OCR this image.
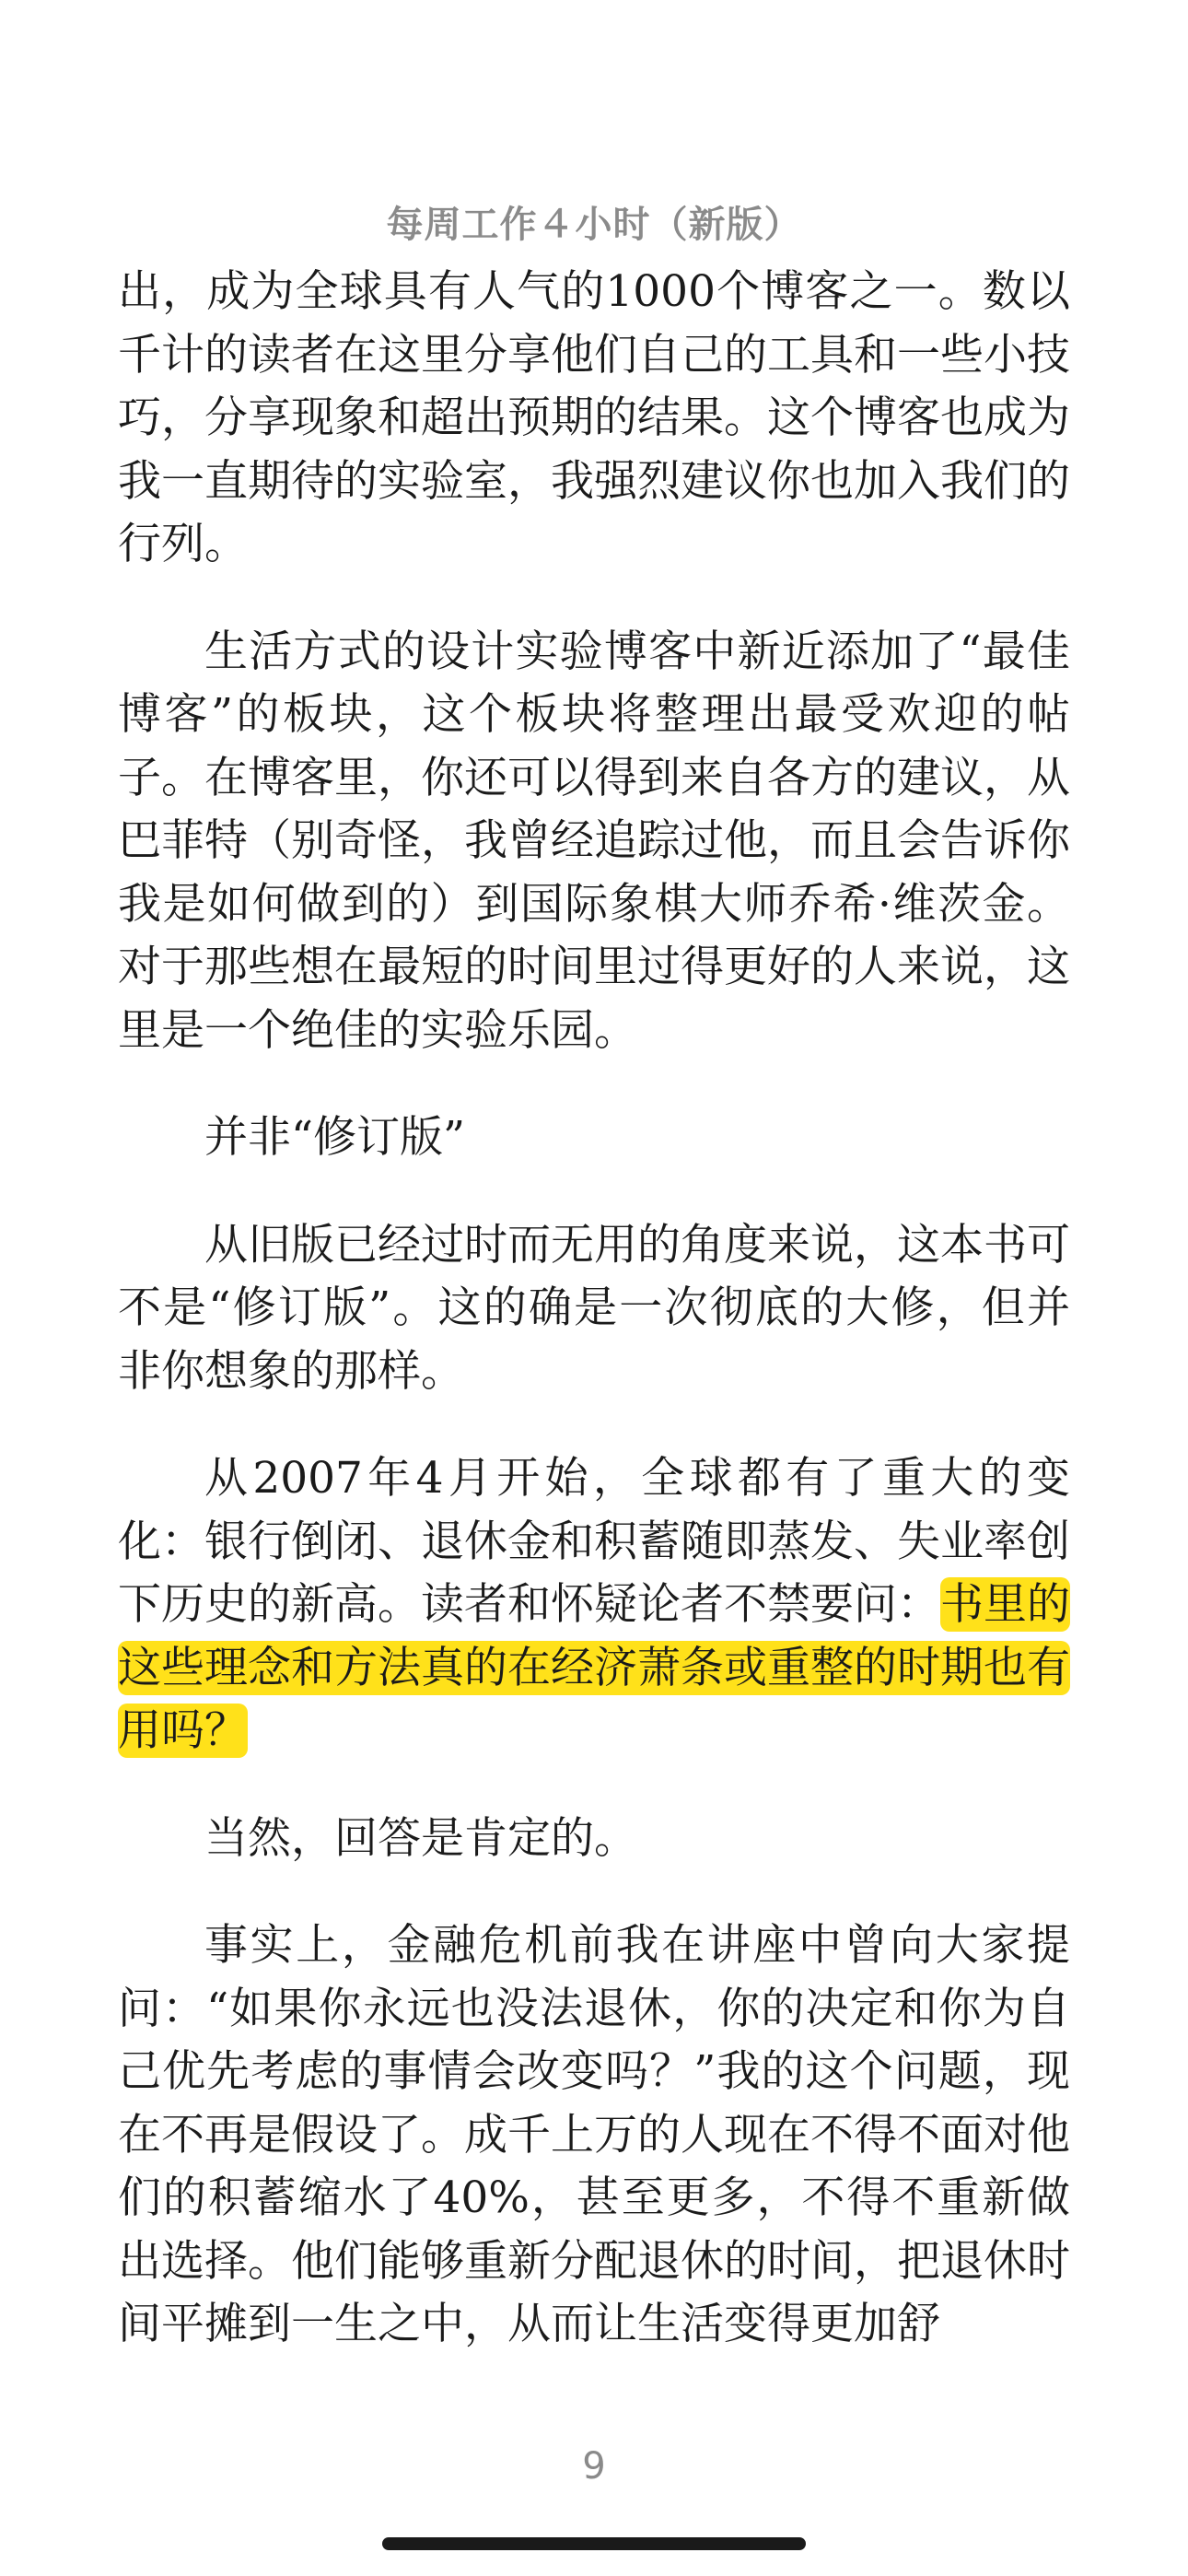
每周工作４小时（新版）

出，成为全球具有人气的1000个博客之一。数以千计的读者在这里分享他们自己的工具和一些小技巧，分享现象和超出预期的结果。这个博客也成为我一直期待的实验室，我强烈建议你也加入我们的行列。

生活方式的设计实验博客中新近添加了“最佳博客”的板块，这个板块将整理出最受欢迎的帖子。在博客里，你还可以得到来自各方的建议，从巴菲特（别奇怪，我曾经追踪过他，而且会告诉你我是如何做到的）到国际象棋大师乔希·维茨金。对于那些想在最短的时间里过得更好的人来说，这里是一个绝佳的实验乐园。

并非“修订版”

从旧版已经过时而无用的角度来说，这本书可不是“修订版”。这的确是一次彻底的大修，但并非你想象的那样。

从2007年4月开始，全球都有了重大的变化：银行倒闭、退休金和积蓄随即蒸发、失业率创下历史的新高。读者和怀疑论者不禁要问：书里的这些理念和方法真的在经济萧条或重整的时期也有用吗？

当然，回答是肯定的。

事实上，金融危机前我在讲座中曾向大家提问：“如果你永远也没法退休，你的决定和你为自己优先考虑的事情会改变吗？”我的这个问题，现在不再是假设了。成千上万的人现在不得不面对他们的积蓄缩水了40%，甚至更多，不得不重新做出选择。他们能够重新分配退休的时间，把退休时间平摊到一生之中，从而让生活变得更加舒

9
